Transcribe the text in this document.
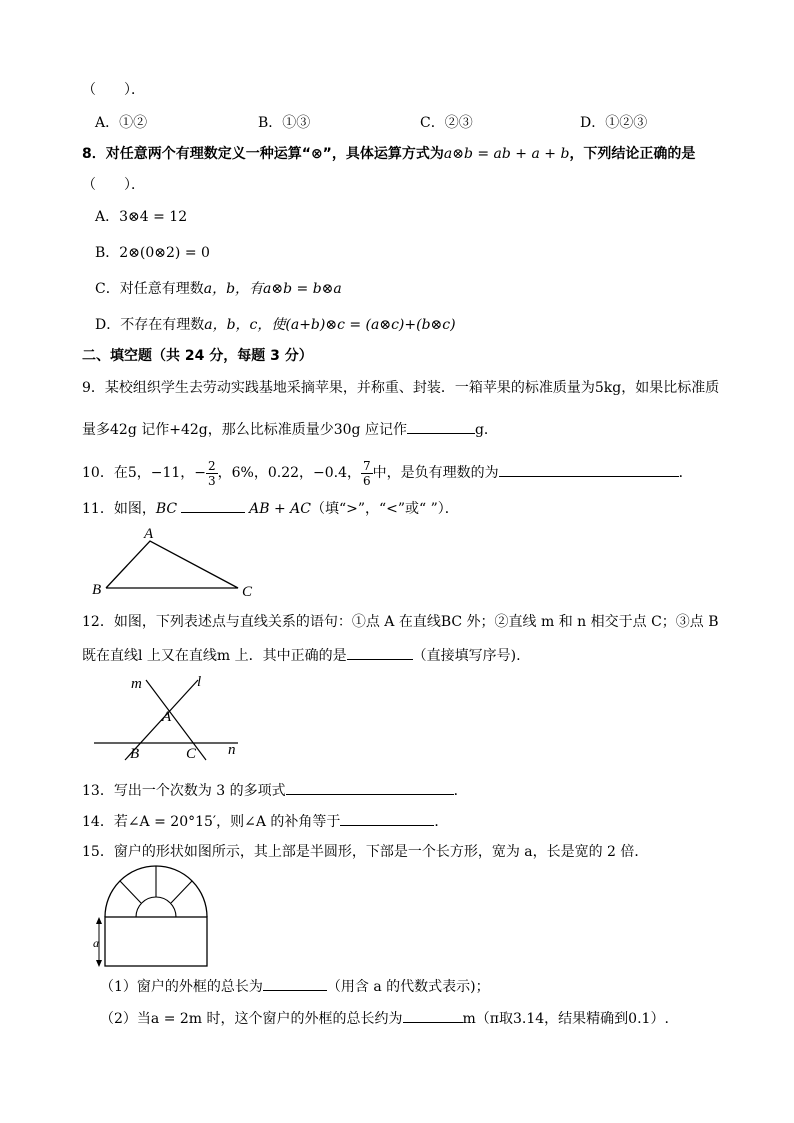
（　　）．
A．①②	B．①③	C．②③	D．①②③
8．对任意两个有理数定义一种运算“⊗”，具体运算方式为a⊗b = ab + a + b，下列结论正确的是
（　　）．
A．3⊗4 = 12
B．2⊗(0⊗2) = 0
C．对任意有理数a，b，有a⊗b = b⊗a
D．不存在有理数a，b，c，使(a+b)⊗c = (a⊗c)+(b⊗c)
二、填空题（共 24 分，每题 3 分）
9．某校组织学生去劳动实践基地采摘苹果，并称重、封装．一箱苹果的标准质量为5kg，如果比标准质
量多42g 记作+42g，那么比标准质量少30g 应记作	g．
10．在5，−11，− $\frac{2}{3}$ ，6%，0.22，−0.4̇， $\frac{7}{6}$ 中，是负有理数的为	．
11．如图，BC	AB + AC（填“>”，“<”或“ ”）．
A
B	C
12．如图，下列表述点与直线关系的语句：①点 A 在直线BC 外；②直线 m 和 n 相交于点 C；③点 B
既在直线l 上又在直线m 上．其中正确的是	（直接填写序号).
m	l
A
B	C n
13．写出一个次数为 3 的多项式	．
14．若∠A = 20°15′，则∠A 的补角等于	．
15．窗户的形状如图所示，其上部是半圆形，下部是一个长方形，宽为 a，长是宽的 2 倍．
a
（1）窗户的外框的总长为	（用含 a 的代数式表示)；
（2）当a = 2m 时，这个窗户的外框的总长约为	m（π取3.14，结果精确到0.1）.
